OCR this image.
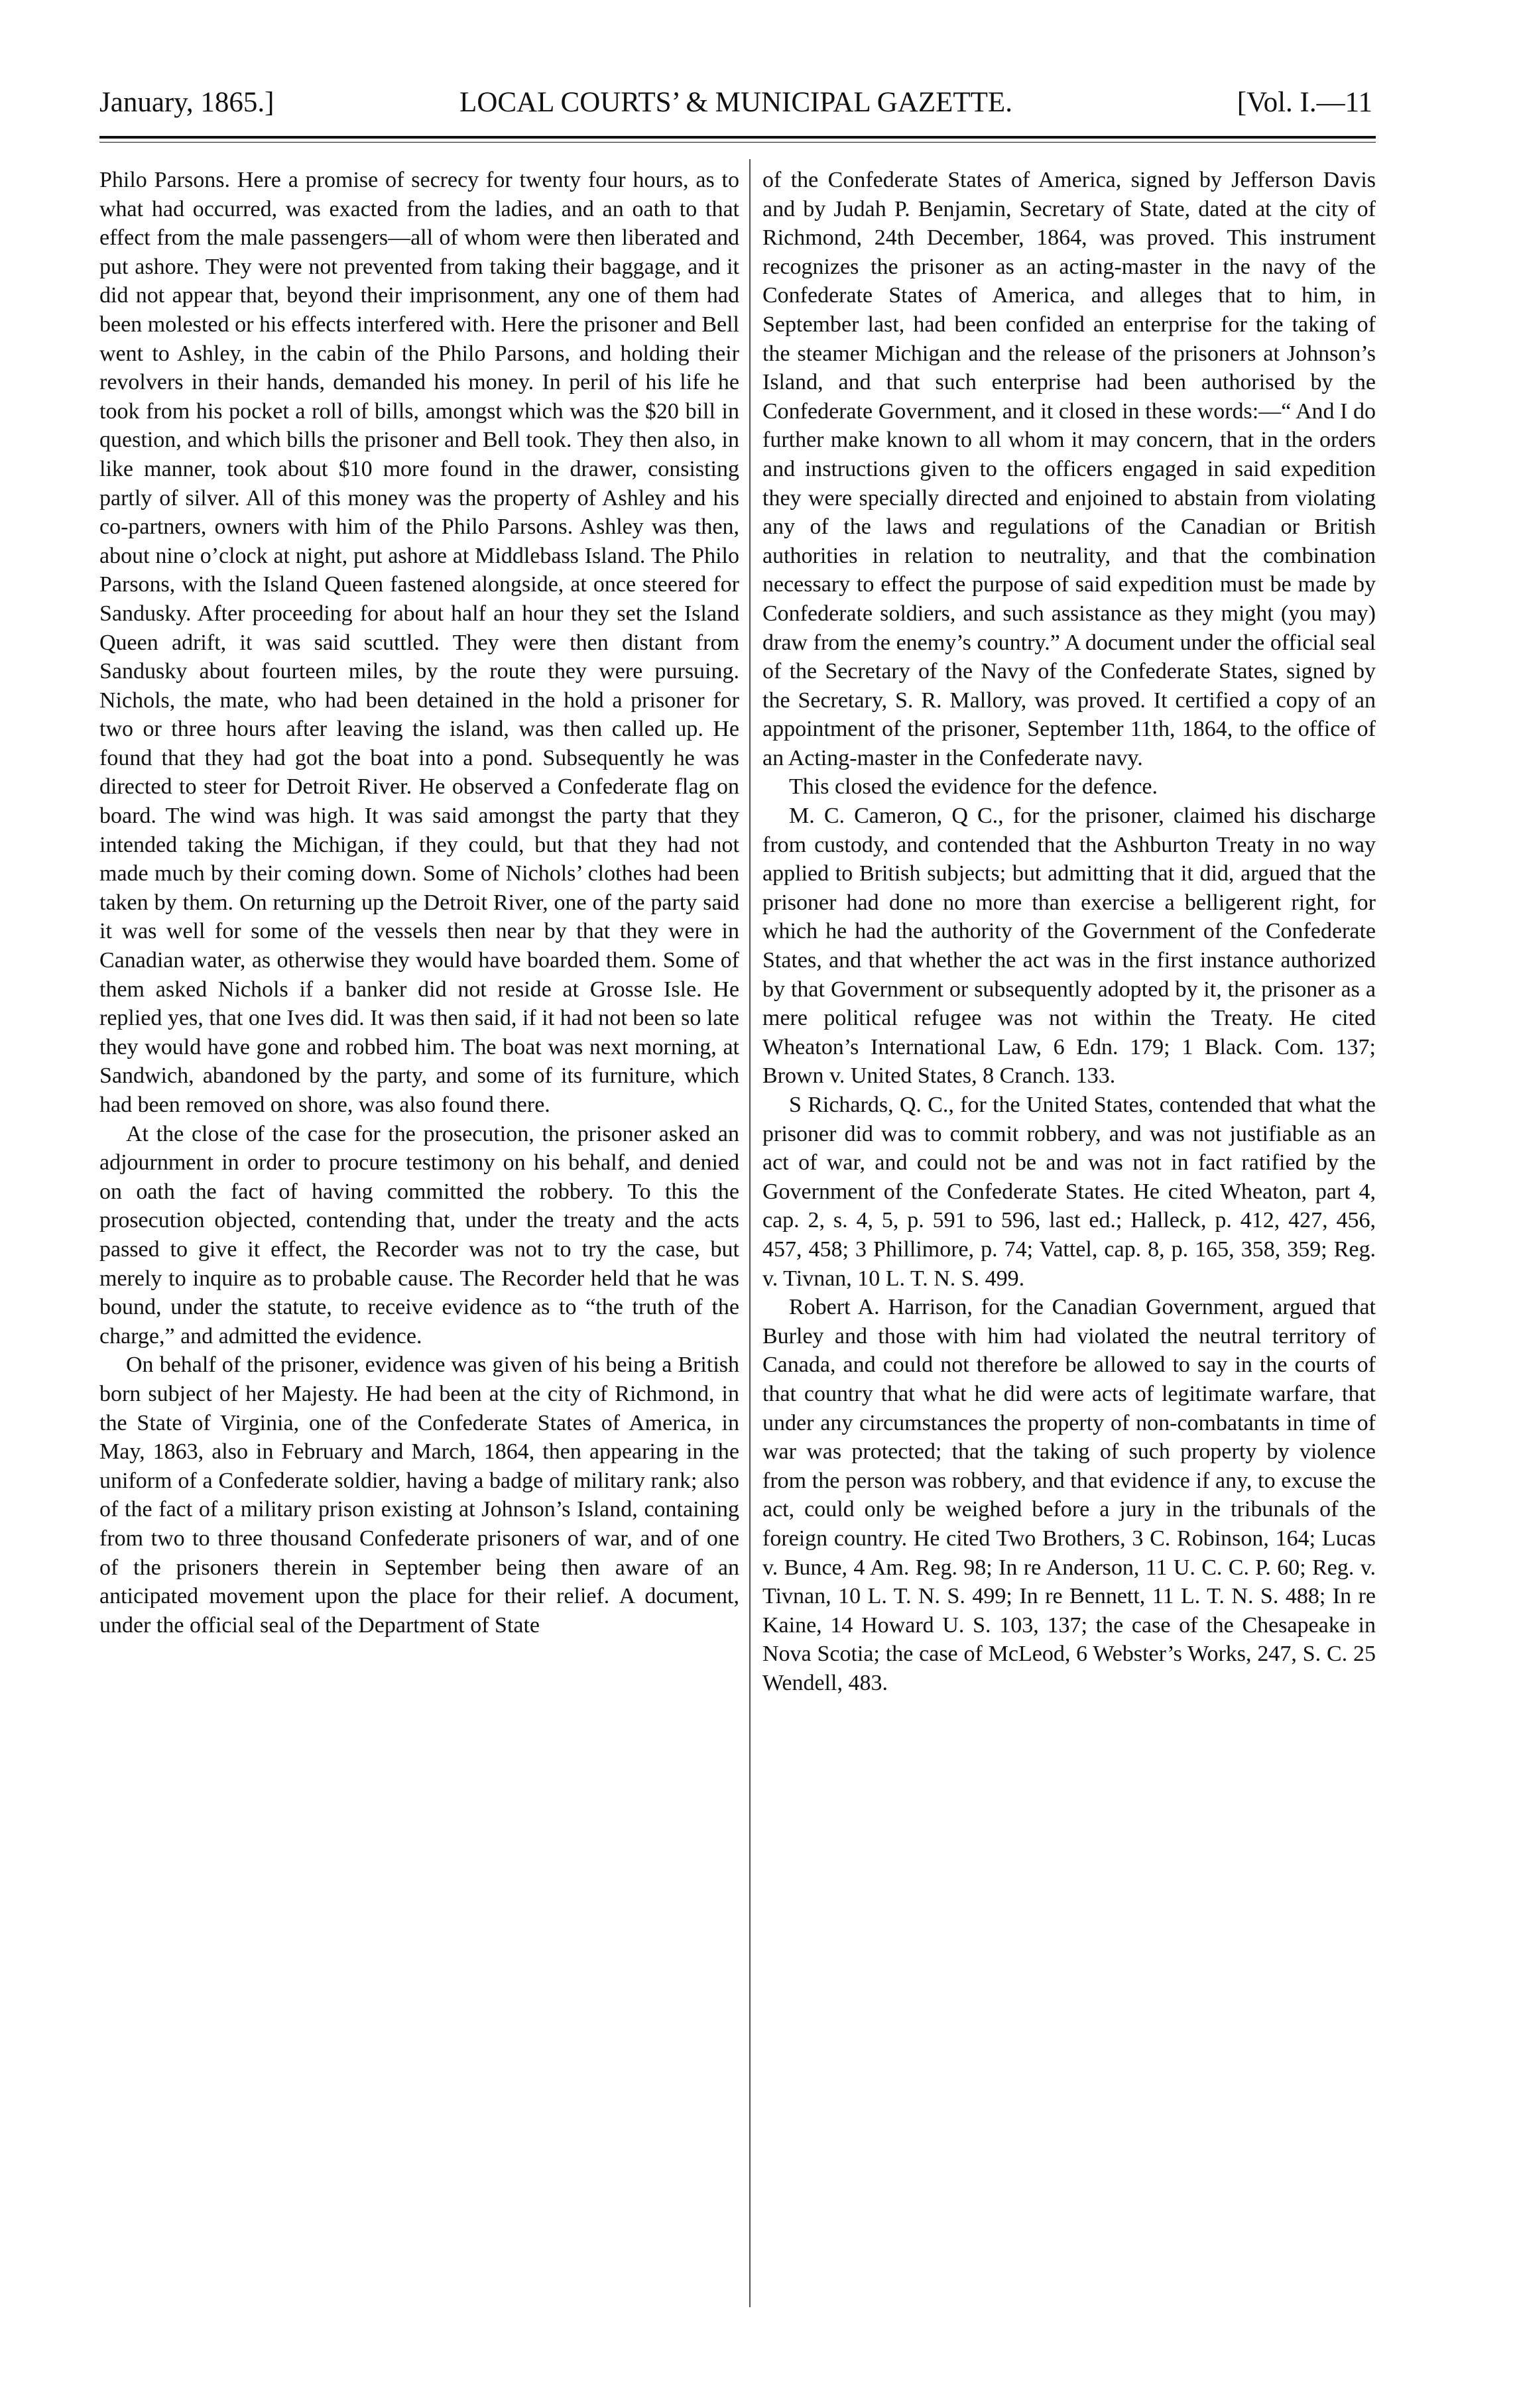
January, 1865.]	LOCAL COURTS’ & MUNICIPAL GAZETTE.	[Vol. I.—11

Philo Parsons. Here a promise of secrecy for twenty four hours, as to what had occurred, was exacted from the ladies, and an oath to that effect from the male passengers—all of whom were then liberated and put ashore. They were not prevented from taking their baggage, and it did not appear that, beyond their imprisonment, any one of them had been molested or his effects interfered with. Here the prisoner and Bell went to Ashley, in the cabin of the Philo Parsons, and holding their revolvers in their hands, demanded his money. In peril of his life he took from his pocket a roll of bills, amongst which was the $20 bill in question, and which bills the prisoner and Bell took. They then also, in like manner, took about $10 more found in the drawer, consisting partly of silver. All of this money was the property of Ashley and his co-partners, owners with him of the Philo Parsons. Ashley was then, about nine o’clock at night, put ashore at Middlebass Island. The Philo Parsons, with the Island Queen fastened alongside, at once steered for Sandusky. After proceeding for about half an hour they set the Island Queen adrift, it was said scuttled. They were then distant from Sandusky about fourteen miles, by the route they were pursuing. Nichols, the mate, who had been detained in the hold a prisoner for two or three hours after leaving the island, was then called up. He found that they had got the boat into a pond. Subsequently he was directed to steer for Detroit River. He observed a Confederate flag on board. The wind was high. It was said amongst the party that they intended taking the Michigan, if they could, but that they had not made much by their coming down. Some of Nichols’ clothes had been taken by them. On returning up the Detroit River, one of the party said it was well for some of the vessels then near by that they were in Canadian water, as otherwise they would have boarded them. Some of them asked Nichols if a banker did not reside at Grosse Isle. He replied yes, that one Ives did. It was then said, if it had not been so late they would have gone and robbed him. The boat was next morning, at Sandwich, abandoned by the party, and some of its furniture, which had been removed on shore, was also found there.

At the close of the case for the prosecution, the prisoner asked an adjournment in order to procure testimony on his behalf, and denied on oath the fact of having committed the robbery. To this the prosecution objected, contending that, under the treaty and the acts passed to give it effect, the Recorder was not to try the case, but merely to inquire as to probable cause. The Recorder held that he was bound, under the statute, to receive evidence as to “the truth of the charge,” and admitted the evidence.

On behalf of the prisoner, evidence was given of his being a British born subject of her Majesty. He had been at the city of Richmond, in the State of Virginia, one of the Confederate States of America, in May, 1863, also in February and March, 1864, then appearing in the uniform of a Confederate soldier, having a badge of military rank; also of the fact of a military prison existing at Johnson’s Island, containing from two to three thousand Confederate prisoners of war, and of one of the prisoners therein in September being then aware of an anticipated movement upon the place for their relief. A document, under the official seal of the Department of State

of the Confederate States of America, signed by Jefferson Davis and by Judah P. Benjamin, Secretary of State, dated at the city of Richmond, 24th December, 1864, was proved. This instrument recognizes the prisoner as an acting-master in the navy of the Confederate States of America, and alleges that to him, in September last, had been confided an enterprise for the taking of the steamer Michigan and the release of the prisoners at Johnson’s Island, and that such enterprise had been authorised by the Confederate Government, and it closed in these words:—“ And I do further make known to all whom it may concern, that in the orders and instructions given to the officers engaged in said expedition they were specially directed and enjoined to abstain from violating any of the laws and regulations of the Canadian or British authorities in relation to neutrality, and that the combination necessary to effect the purpose of said expedition must be made by Confederate soldiers, and such assistance as they might (you may) draw from the enemy’s country.” A document under the official seal of the Secretary of the Navy of the Confederate States, signed by the Secretary, S. R. Mallory, was proved. It certified a copy of an appointment of the prisoner, September 11th, 1864, to the office of an Acting-master in the Confederate navy.

This closed the evidence for the defence.

M. C. Cameron, Q C., for the prisoner, claimed his discharge from custody, and contended that the Ashburton Treaty in no way applied to British subjects; but admitting that it did, argued that the prisoner had done no more than exercise a belligerent right, for which he had the authority of the Government of the Confederate States, and that whether the act was in the first instance authorized by that Government or subsequently adopted by it, the prisoner as a mere political refugee was not within the Treaty. He cited Wheaton’s International Law, 6 Edn. 179; 1 Black. Com. 137; Brown v. United States, 8 Cranch. 133.

S Richards, Q. C., for the United States, contended that what the prisoner did was to commit robbery, and was not justifiable as an act of war, and could not be and was not in fact ratified by the Government of the Confederate States. He cited Wheaton, part 4, cap. 2, s. 4, 5, p. 591 to 596, last ed.; Halleck, p. 412, 427, 456, 457, 458; 3 Phillimore, p. 74; Vattel, cap. 8, p. 165, 358, 359; Reg. v. Tivnan, 10 L. T. N. S. 499.

Robert A. Harrison, for the Canadian Government, argued that Burley and those with him had violated the neutral territory of Canada, and could not therefore be allowed to say in the courts of that country that what he did were acts of legitimate warfare, that under any circumstances the property of non-combatants in time of war was protected; that the taking of such property by violence from the person was robbery, and that evidence if any, to excuse the act, could only be weighed before a jury in the tribunals of the foreign country. He cited Two Brothers, 3 C. Robinson, 164; Lucas v. Bunce, 4 Am. Reg. 98; In re Anderson, 11 U. C. C. P. 60; Reg. v. Tivnan, 10 L. T. N. S. 499; In re Bennett, 11 L. T. N. S. 488; In re Kaine, 14 Howard U. S. 103, 137; the case of the Chesapeake in Nova Scotia; the case of McLeod, 6 Webster’s Works, 247, S. C. 25 Wendell, 483.
